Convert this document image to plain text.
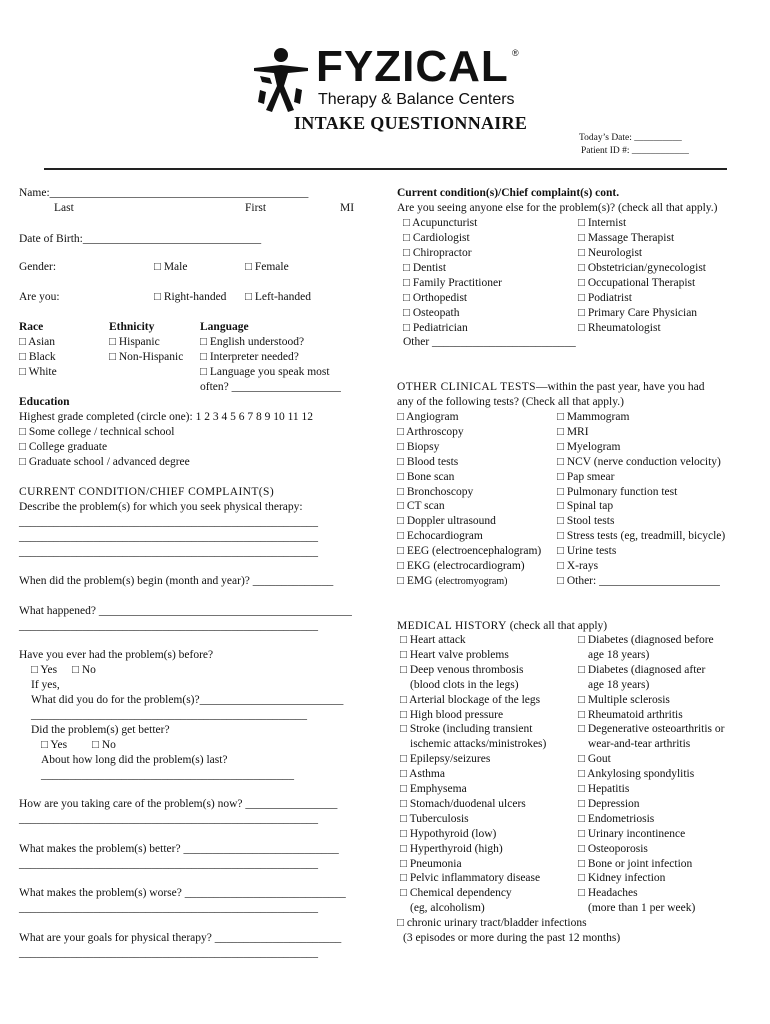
FYZICAL ®
Therapy & Balance Centers
INTAKE QUESTIONNAIRE
Today’s Date: __________
Patient ID #: ____________
Name:_____________________________________________
Last	First	MI
Date of Birth:_______________________________
Gender:	□ Male	□ Female
Are you:	□ Right-handed □ Left-handed
Race
□ Asian
□ Black
□ White
Ethnicity
□ Hispanic
□ Non-Hispanic
Language
□ English understood?
□ Interpreter needed?
□ Language you speak most
often? ___________________
Education
Highest grade completed (circle one): 1 2 3 4 5 6 7 8 9 10 11 12
□ Some college / technical school
□ College graduate
□ Graduate school / advanced degree
CURRENT CONDITION/CHIEF COMPLAINT(S)
Describe the problem(s) for which you seek physical therapy:
____________________________________________________
____________________________________________________
____________________________________________________
When did the problem(s) begin (month and year)? ______________
What happened? ____________________________________________
____________________________________________________
Have you ever had the problem(s) before?
□ Yes □ No
If yes,
What did you do for the problem(s)?_________________________
________________________________________________
Did the problem(s) get better?
□ Yes □ No
About how long did the problem(s) last?
____________________________________________
How are you taking care of the problem(s) now? ________________
____________________________________________________
What makes the problem(s) better? ___________________________
____________________________________________________
What makes the problem(s) worse? ____________________________
____________________________________________________
What are your goals for physical therapy? ______________________
____________________________________________________
Current condition(s)/Chief complaint(s) cont.
Are you seeing anyone else for the problem(s)? (check all that apply.)
□ Acupuncturist
□ Cardiologist
□ Chiropractor
□ Dentist
□ Family Practitioner
□ Orthopedist
□ Osteopath
□ Pediatrician
□ Internist
□ Massage Therapist
□ Neurologist
□ Obstetrician/gynecologist
□ Occupational Therapist
□ Podiatrist
□ Primary Care Physician
□ Rheumatologist
Other _________________________
OTHER CLINICAL TESTS—within the past year, have you had
any of the following tests? (Check all that apply.)
□ Angiogram
□ Arthroscopy
□ Biopsy
□ Blood tests
□ Bone scan
□ Bronchoscopy
□ CT scan
□ Doppler ultrasound
□ Echocardiogram
□ EEG (electroencephalogram)
□ EKG (electrocardiogram)
□ Mammogram
□ MRI
□ Myelogram
□ NCV (nerve conduction velocity)
□ Pap smear
□ Pulmonary function test
□ Spinal tap
□ Stool tests
□ Stress tests (eg, treadmill, bicycle)
□ Urine tests
□ X-rays
□ Other: _____________________
□ EMG (electromyogram)
MEDICAL HISTORY (check all that apply)
□ Heart attack
□ Heart valve problems
□ Deep venous thrombosis
(blood clots in the legs)
□ Arterial blockage of the legs
□ High blood pressure
□ Stroke (including transient
ischemic attacks/ministrokes)
□ Epilepsy/seizures
□ Asthma
□ Emphysema
□ Stomach/duodenal ulcers
□ Tuberculosis
□ Hypothyroid (low)
□ Hyperthyroid (high)
□ Pneumonia
□ Pelvic inflammatory disease
□ Chemical dependency
(eg, alcoholism)
□ Diabetes (diagnosed before
age 18 years)
□ Diabetes (diagnosed after
age 18 years)
□ Multiple sclerosis
□ Rheumatoid arthritis
□ Degenerative osteoarthritis or
wear-and-tear arthritis
□ Gout
□ Ankylosing spondylitis
□ Hepatitis
□ Depression
□ Endometriosis
□ Urinary incontinence
□ Osteoporosis
□ Bone or joint infection
□ Kidney infection
□ Headaches
(more than 1 per week)
□ chronic urinary tract/bladder infections
(3 episodes or more during the past 12 months)
